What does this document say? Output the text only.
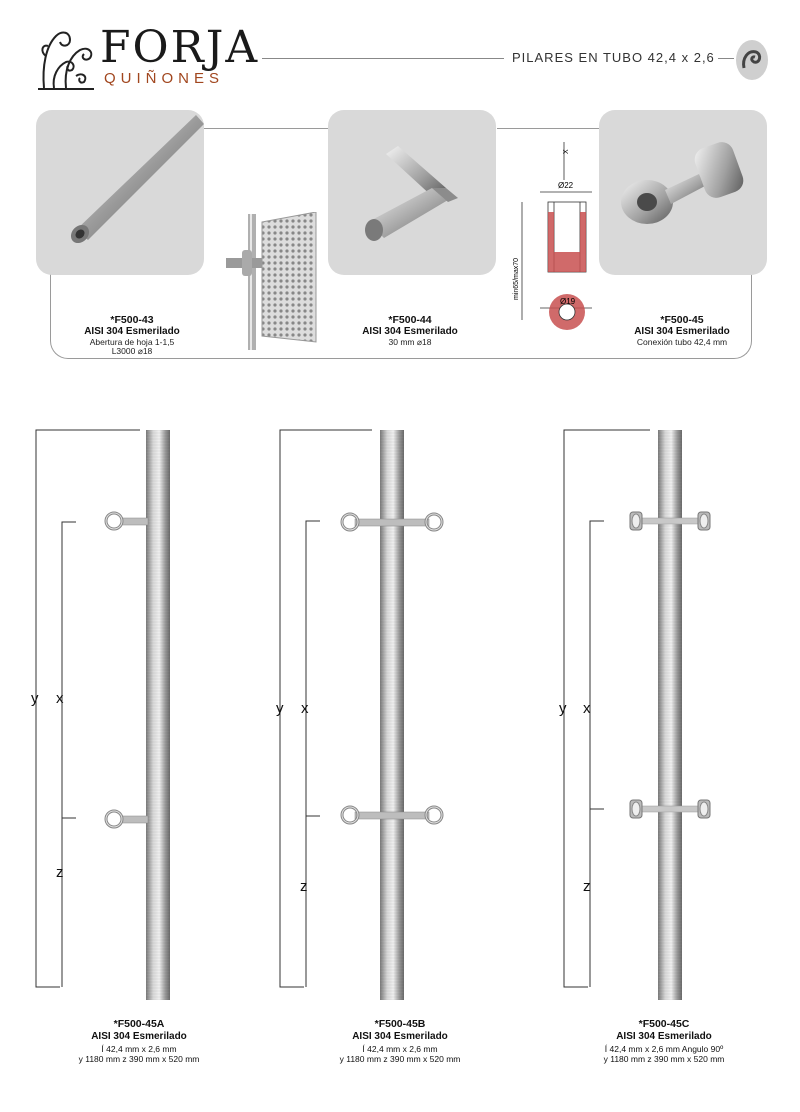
FORJA
QUIÑONES
PILARES EN TUBO 42,4 x 2,6
*F500-43
AISI 304 Esmerilado
Abertura de hoja 1-1,5
L3000 ⌀18
*F500-44
AISI 304 Esmerilado
30 mm ⌀18
X
Ø22
min65/max70
Ø19
*F500-45
AISI 304 Esmerilado
Conexión tubo 42,4 mm
y x
z
y x
z
y x
z
*F500-45A
AISI 304 Esmerilado
Í 42,4 mm x 2,6 mm
y 1180 mm z 390 mm x 520 mm
*F500-45B
AISI 304 Esmerilado
Í 42,4 mm x 2,6 mm
y 1180 mm z 390 mm x 520 mm
*F500-45C
AISI 304 Esmerilado
Í 42,4 mm x 2,6 mm Angulo 90º
y 1180 mm z 390 mm x 520 mm
